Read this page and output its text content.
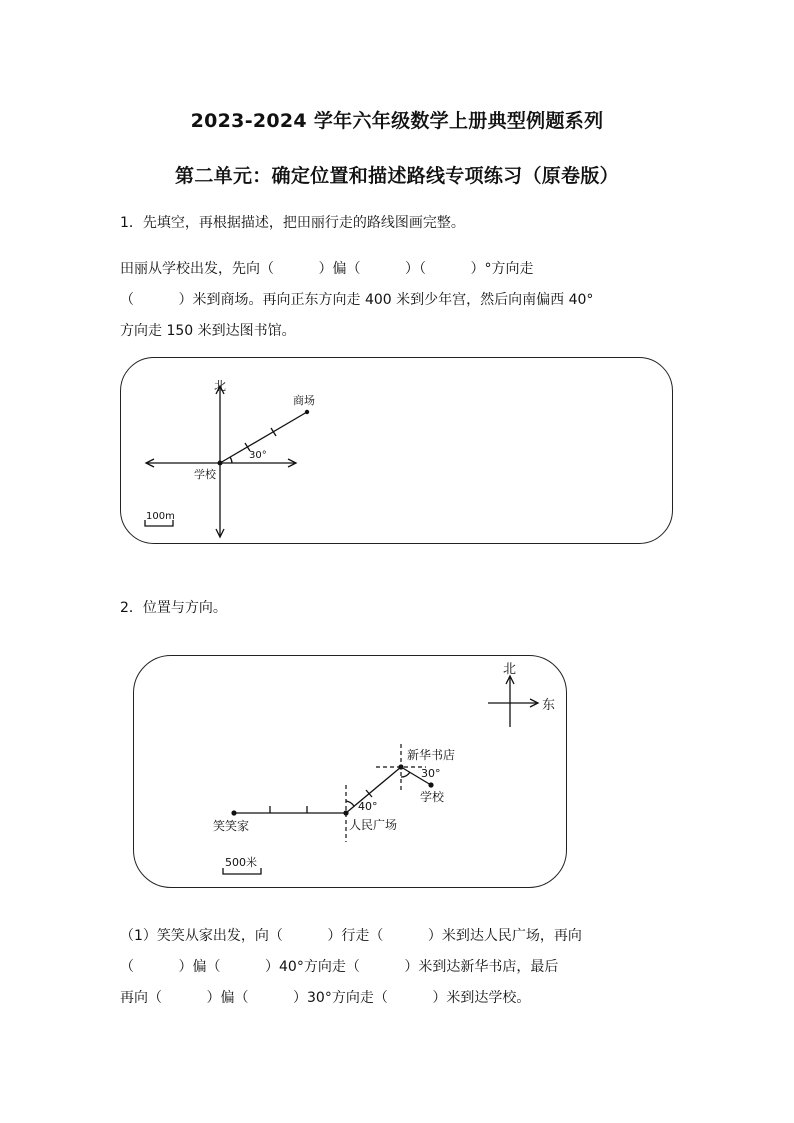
2023-2024 学年六年级数学上册典型例题系列
第二单元：确定位置和描述路线专项练习（原卷版）
1．先填空，再根据描述，把田丽行走的路线图画完整。
田丽从学校出发，先向（          ）偏（          ）（          ）°方向走
（          ）米到商场。再向正东方向走 400 米到少年宫，然后向南偏西 40°
方向走 150 米到达图书馆。
北
商场
学校
30°
100m
2．位置与方向。
北
东
新华书店
30°
学校
40°
笑笑家	人民广场
500米
（1）笑笑从家出发，向（          ）行走（          ）米到达人民广场，再向
（          ）偏（          ）40°方向走（          ）米到达新华书店，最后
再向（          ）偏（          ）30°方向走（          ）米到达学校。
